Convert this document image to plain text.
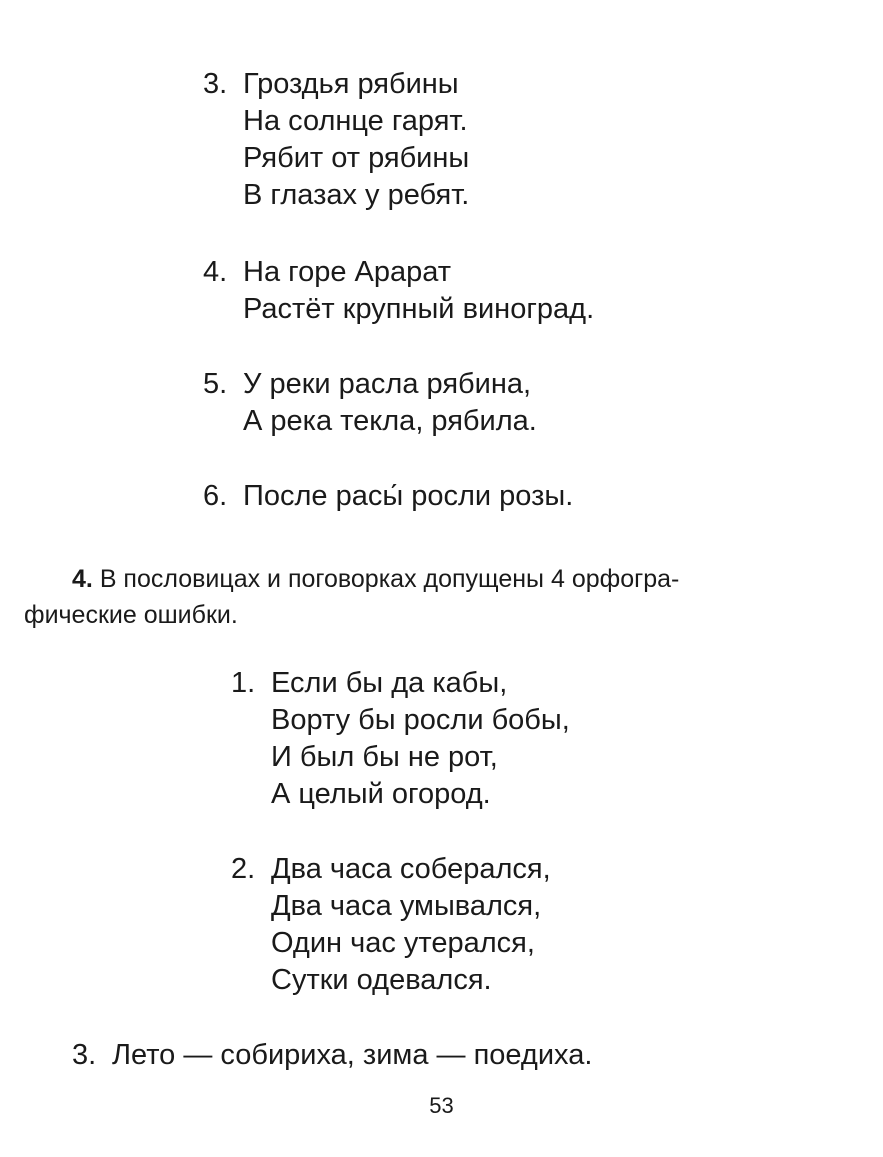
3. Гроздья рябины
На солнце гарят.
Рябит от рябины
В глазах у ребят.
4. На горе Арарат
Растёт крупный виноград.
5. У реки расла рябина,
А река текла, рябила.
6. После раcы́ росли розы.
4. В пословицах и поговорках допущены 4 орфогра-
фические ошибки.
1. Если бы да кабы,
Ворту бы росли бобы,
И был бы не рот,
А целый огород.
2. Два часа соберался,
Два часа умывался,
Один час утерался,
Сутки одевался.
3. Лето — собириха, зима — поедиха.
53
